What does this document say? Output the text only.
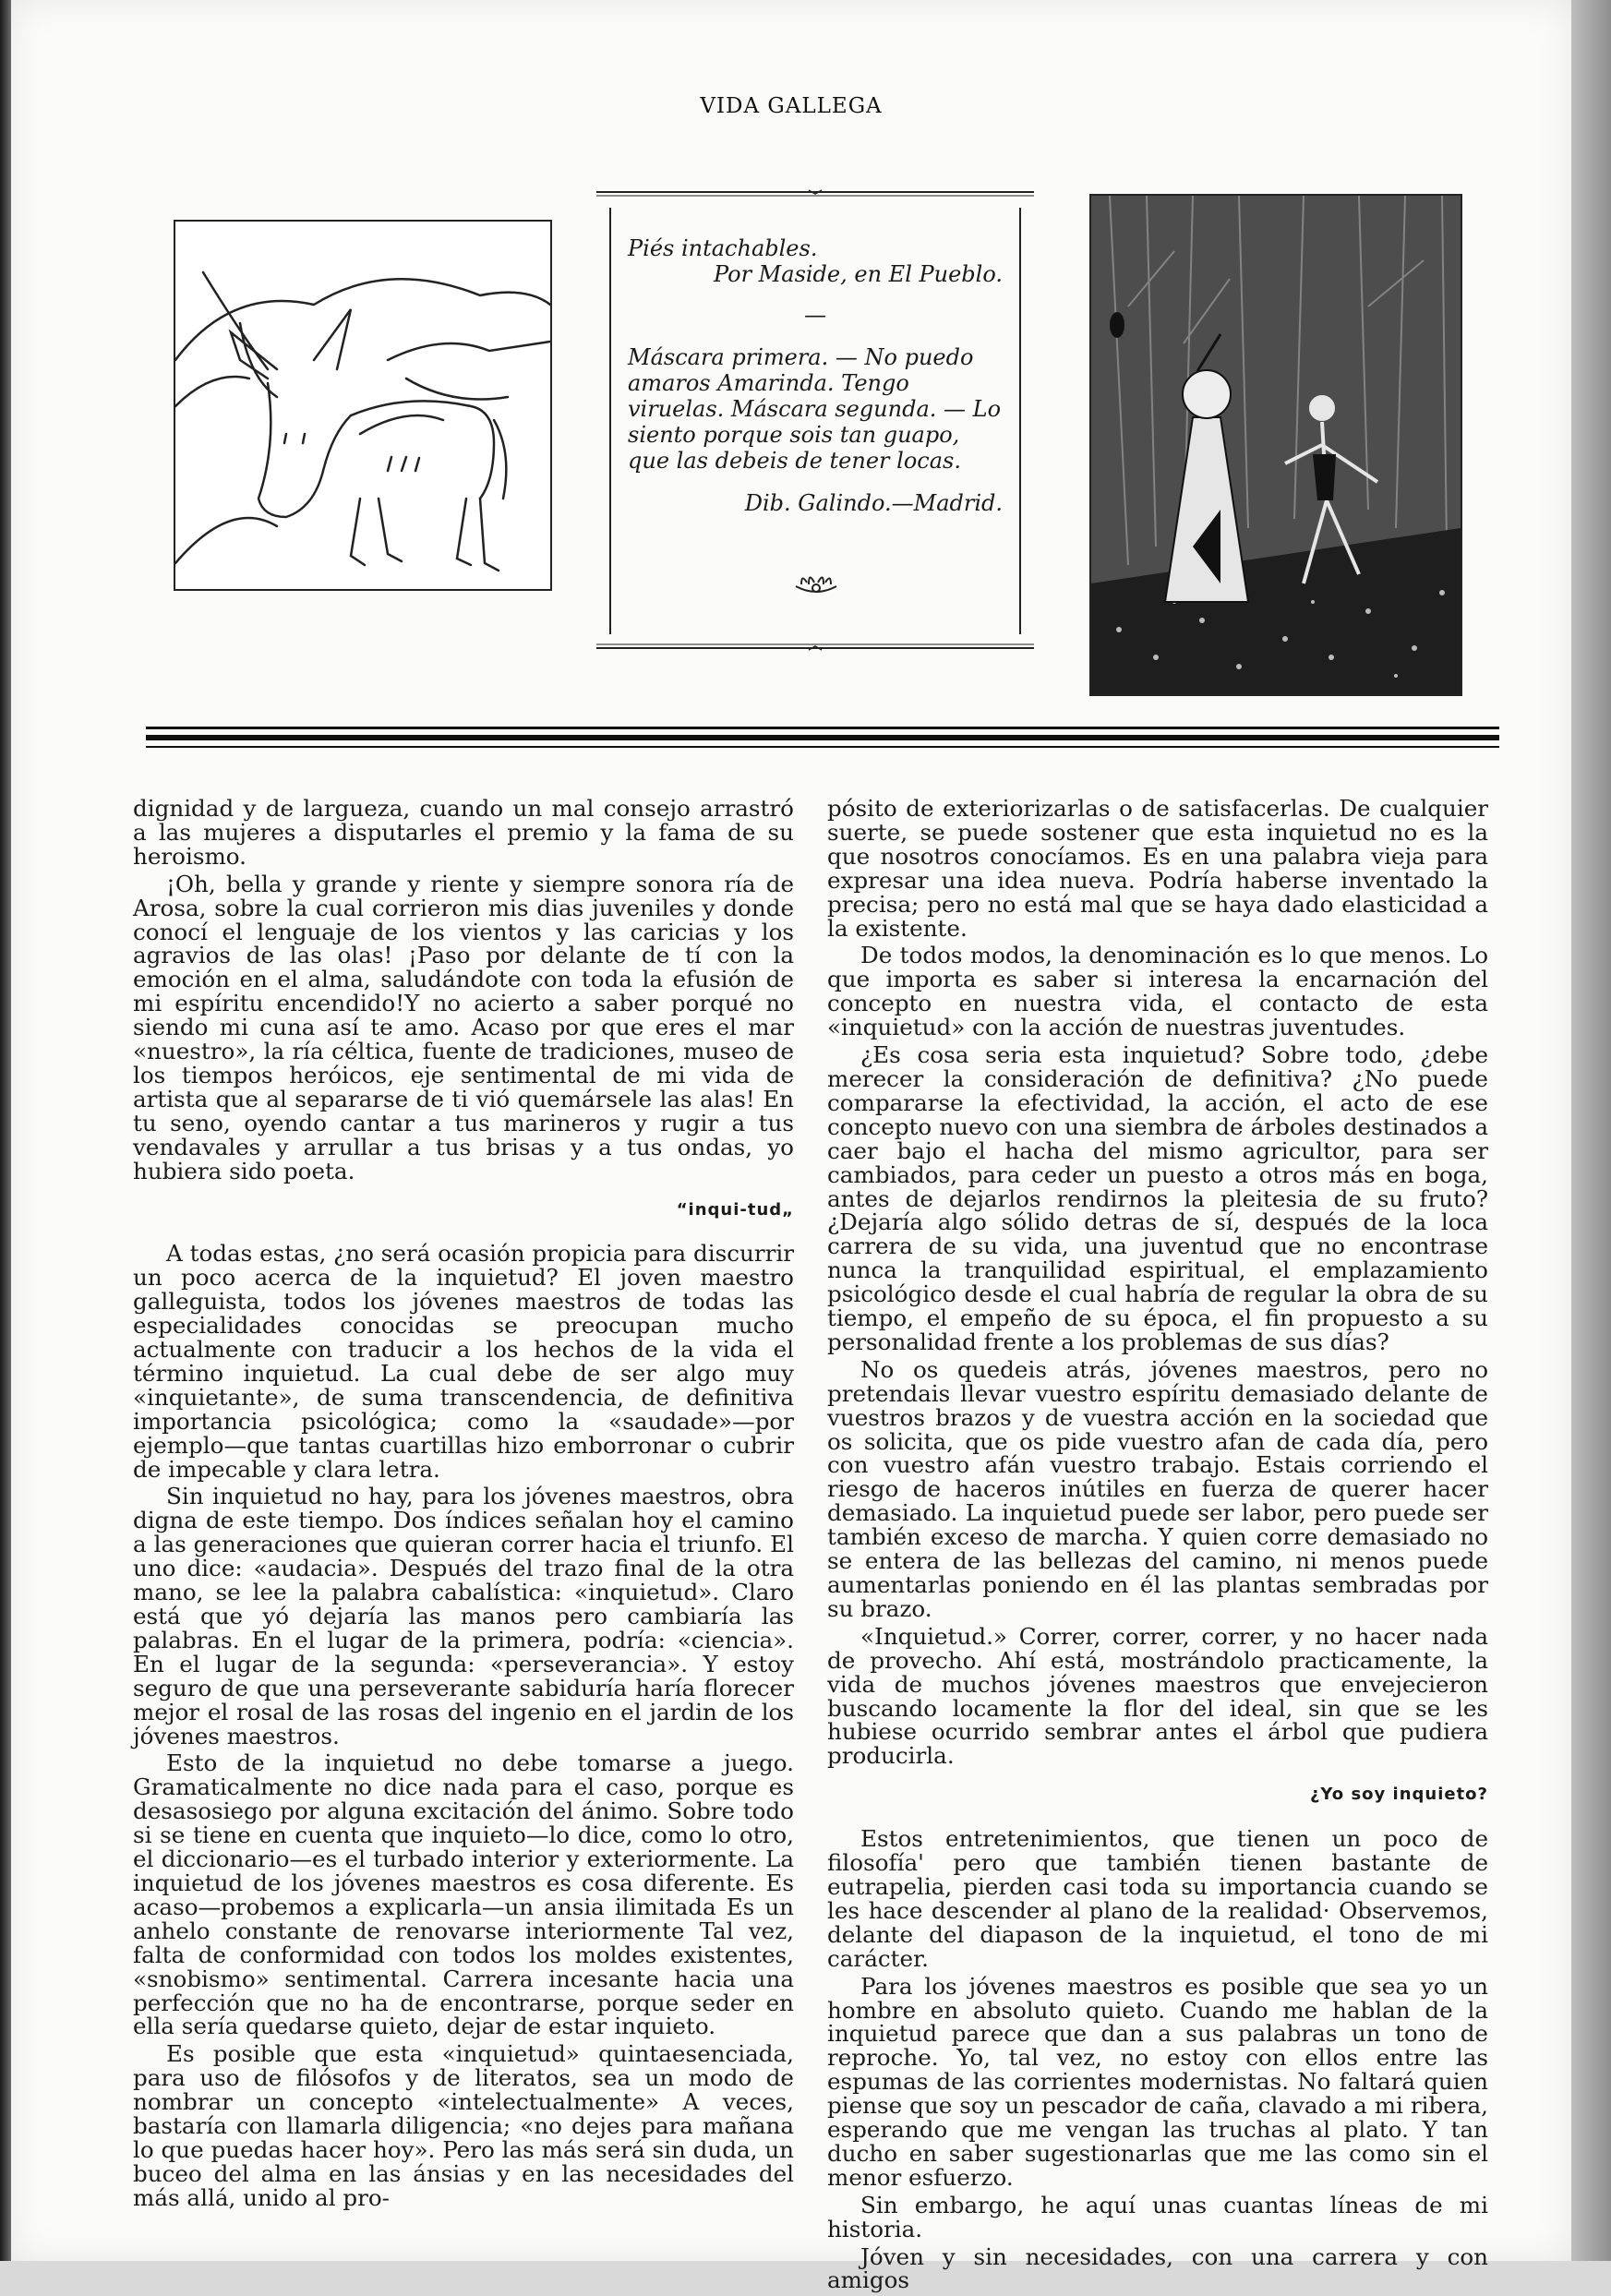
VIDA GALLEGA

Piés intachables.

Por Maside, en El Pueblo.

—

Máscara primera. — No puedo amaros Amarinda. Tengo viruelas. Máscara segunda. — Lo siento porque sois tan guapo, que las debeis de tener locas.

Dib. Galindo.—Madrid.

dignidad y de largueza, cuando un mal consejo arrastró a las mujeres a disputarles el premio y la fama de su heroismo.

¡Oh, bella y grande y riente y siempre sonora ría de Arosa, sobre la cual corrieron mis dias juveniles y donde conocí el lenguaje de los vientos y las caricias y los agravios de las olas! ¡Paso por delante de tí con la emoción en el alma, saludándote con toda la efusión de mi espíritu encendido!Y no acierto a saber porqué no siendo mi cuna así te amo. Acaso por que eres el mar «nuestro», la ría céltica, fuente de tradiciones, museo de los tiempos heróicos, eje sentimental de mi vida de artista que al separarse de ti vió quemársele las alas! En tu seno, oyendo cantar a tus marineros y rugir a tus vendavales y arrullar a tus brisas y a tus ondas, yo hubiera sido poeta.

“inqui-tud„

A todas estas, ¿no será ocasión propicia para discurrir un poco acerca de la inquietud? El joven maestro galleguista, todos los jóvenes maestros de todas las especialidades conocidas se preocupan mucho actualmente con traducir a los hechos de la vida el término inquietud. La cual debe de ser algo muy «inquietante», de suma transcendencia, de definitiva importancia psicológica; como la «saudade»—por ejemplo—que tantas cuartillas hizo emborronar o cubrir de impecable y clara letra.

Sin inquietud no hay, para los jóvenes maestros, obra digna de este tiempo. Dos índices señalan hoy el camino a las generaciones que quieran correr hacia el triunfo. El uno dice: «audacia». Después del trazo final de la otra mano, se lee la palabra cabalística: «inquietud». Claro está que yó dejaría las manos pero cambiaría las palabras. En el lugar de la primera, podría: «ciencia». En el lugar de la segunda: «perseverancia». Y estoy seguro de que una perseverante sabiduría haría florecer mejor el rosal de las rosas del ingenio en el jardin de los jóvenes maestros.

Esto de la inquietud no debe tomarse a juego. Gramaticalmente no dice nada para el caso, porque es desasosiego por alguna excitación del ánimo. Sobre todo si se tiene en cuenta que inquieto—lo dice, como lo otro, el diccionario—es el turbado interior y exteriormente. La inquietud de los jóvenes maestros es cosa diferente. Es acaso—probemos a explicarla—un ansia ilimitada Es un anhelo constante de renovarse interiormente Tal vez, falta de conformidad con todos los moldes existentes, «snobismo» sentimental. Carrera incesante hacia una perfección que no ha de encontrarse, porque seder en ella sería quedarse quieto, dejar de estar inquieto.

Es posible que esta «inquietud» quintaesenciada, para uso de filósofos y de literatos, sea un modo de nombrar un concepto «intelectualmente» A veces, bastaría con llamarla diligencia; «no dejes para mañana lo que puedas hacer hoy». Pero las más será sin duda, un buceo del alma en las ánsias y en las necesidades del más allá, unido al pro-

pósito de exteriorizarlas o de satisfacerlas. De cualquier suerte, se puede sostener que esta inquietud no es la que nosotros conocíamos. Es en una palabra vieja para expresar una idea nueva. Podría haberse inventado la precisa; pero no está mal que se haya dado elasticidad a la existente.

De todos modos, la denominación es lo que menos. Lo que importa es saber si interesa la encarnación del concepto en nuestra vida, el contacto de esta «inquietud» con la acción de nuestras juventudes.

¿Es cosa seria esta inquietud? Sobre todo, ¿debe merecer la consideración de definitiva? ¿No puede compararse la efectividad, la acción, el acto de ese concepto nuevo con una siembra de árboles destinados a caer bajo el hacha del mismo agricultor, para ser cambiados, para ceder un puesto a otros más en boga, antes de dejarlos rendirnos la pleitesia de su fruto? ¿Dejaría algo sólido detras de sí, después de la loca carrera de su vida, una juventud que no encontrase nunca la tranquilidad espiritual, el emplazamiento psicológico desde el cual habría de regular la obra de su tiempo, el empeño de su época, el fin propuesto a su personalidad frente a los problemas de sus días?

No os quedeis atrás, jóvenes maestros, pero no pretendais llevar vuestro espíritu demasiado delante de vuestros brazos y de vuestra acción en la sociedad que os solicita, que os pide vuestro afan de cada día, pero con vuestro afán vuestro trabajo. Estais corriendo el riesgo de haceros inútiles en fuerza de querer hacer demasiado. La inquietud puede ser labor, pero puede ser también exceso de marcha. Y quien corre demasiado no se entera de las bellezas del camino, ni menos puede aumentarlas poniendo en él las plantas sembradas por su brazo.

«Inquietud.» Correr, correr, correr, y no hacer nada de provecho. Ahí está, mostrándolo practicamente, la vida de muchos jóvenes maestros que envejecieron buscando locamente la flor del ideal, sin que se les hubiese ocurrido sembrar antes el árbol que pudiera producirla.

¿Yo soy inquieto?

Estos entretenimientos, que tienen un poco de filosofía' pero que también tienen bastante de eutrapelia, pierden casi toda su importancia cuando se les hace descender al plano de la realidad· Observemos, delante del diapason de la inquietud, el tono de mi carácter.

Para los jóvenes maestros es posible que sea yo un hombre en absoluto quieto. Cuando me hablan de la inquietud parece que dan a sus palabras un tono de reproche. Yo, tal vez, no estoy con ellos entre las espumas de las corrientes modernistas. No faltará quien piense que soy un pescador de caña, clavado a mi ribera, esperando que me vengan las truchas al plato. Y tan ducho en saber sugestionarlas que me las como sin el menor esfuerzo.

Sin embargo, he aquí unas cuantas líneas de mi historia.

Jóven y sin necesidades, con una carrera y con amigos
